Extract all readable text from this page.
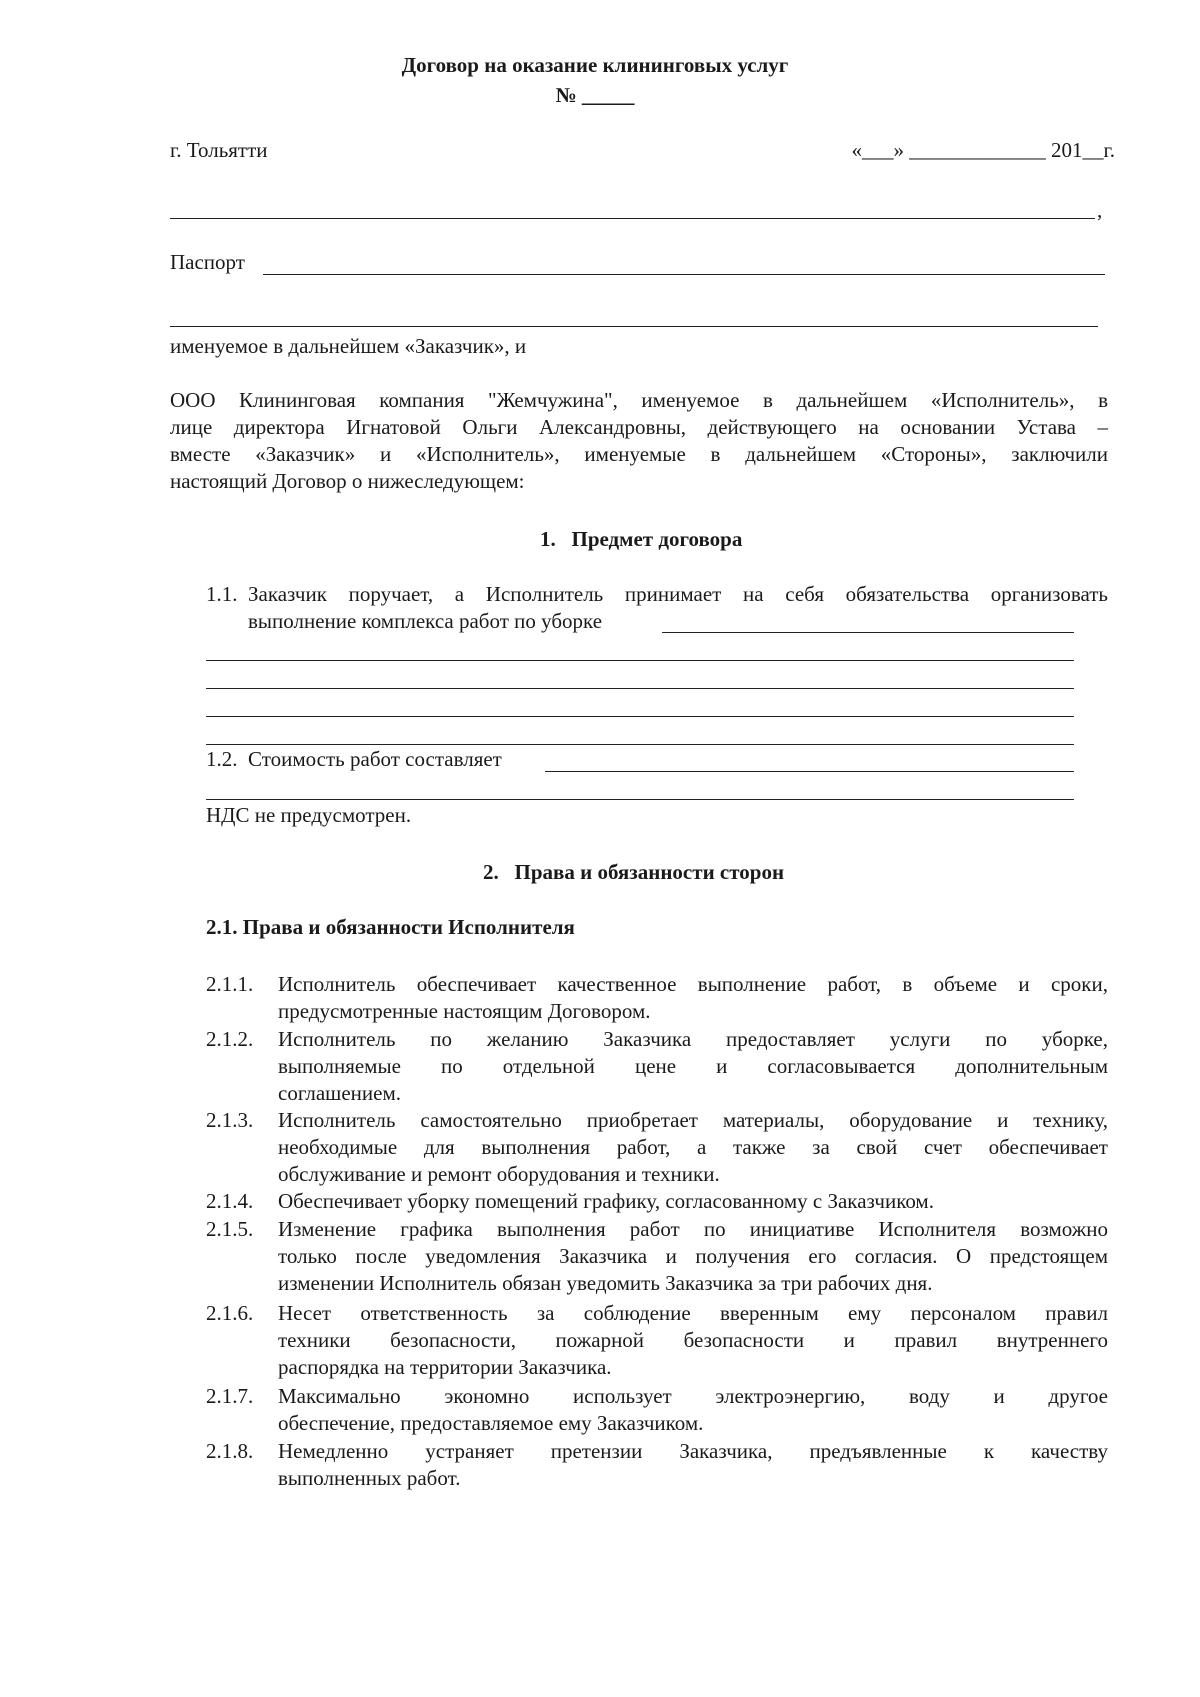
Договор на оказание клининговых услуг
№ _____
г. Тольятти	«___» _____________ 201__г.
,
Паспорт
именуемое в дальнейшем «Заказчик», и
ООО Клининговая компания "Жемчужина", именуемое в дальнейшем «Исполнитель», в
лице директора Игнатовой Ольги Александровны, действующего на основании Устава –
вместе «Заказчик» и «Исполнитель», именуемые в дальнейшем «Стороны», заключили
настоящий Договор о нижеследующем:
1.   Предмет договора
1.1. Заказчик поручает, а Исполнитель принимает на себя обязательства организовать
выполнение комплекса работ по уборке
1.2. Стоимость работ составляет
НДС не предусмотрен.
2.   Права и обязанности сторон
2.1. Права и обязанности Исполнителя
2.1.1. Исполнитель обеспечивает качественное выполнение работ, в объеме и сроки,
предусмотренные настоящим Договором.
2.1.2. Исполнитель по желанию Заказчика предоставляет услуги по уборке,
выполняемые по отдельной цене и согласовывается дополнительным
соглашением.
2.1.3. Исполнитель самостоятельно приобретает материалы, оборудование и технику,
необходимые для выполнения работ, а также за свой счет обеспечивает
обслуживание и ремонт оборудования и техники.
2.1.4. Обеспечивает уборку помещений графику, согласованному с Заказчиком.
2.1.5. Изменение графика выполнения работ по инициативе Исполнителя возможно
только после уведомления Заказчика и получения его согласия. О предстоящем
изменении Исполнитель обязан уведомить Заказчика за три рабочих дня.
2.1.6. Несет ответственность за соблюдение вверенным ему персоналом правил
техники безопасности, пожарной безопасности и правил внутреннего
распорядка на территории Заказчика.
2.1.7. Максимально экономно использует электроэнергию, воду и другое
обеспечение, предоставляемое ему Заказчиком.
2.1.8. Немедленно устраняет претензии Заказчика, предъявленные к качеству
выполненных работ.
